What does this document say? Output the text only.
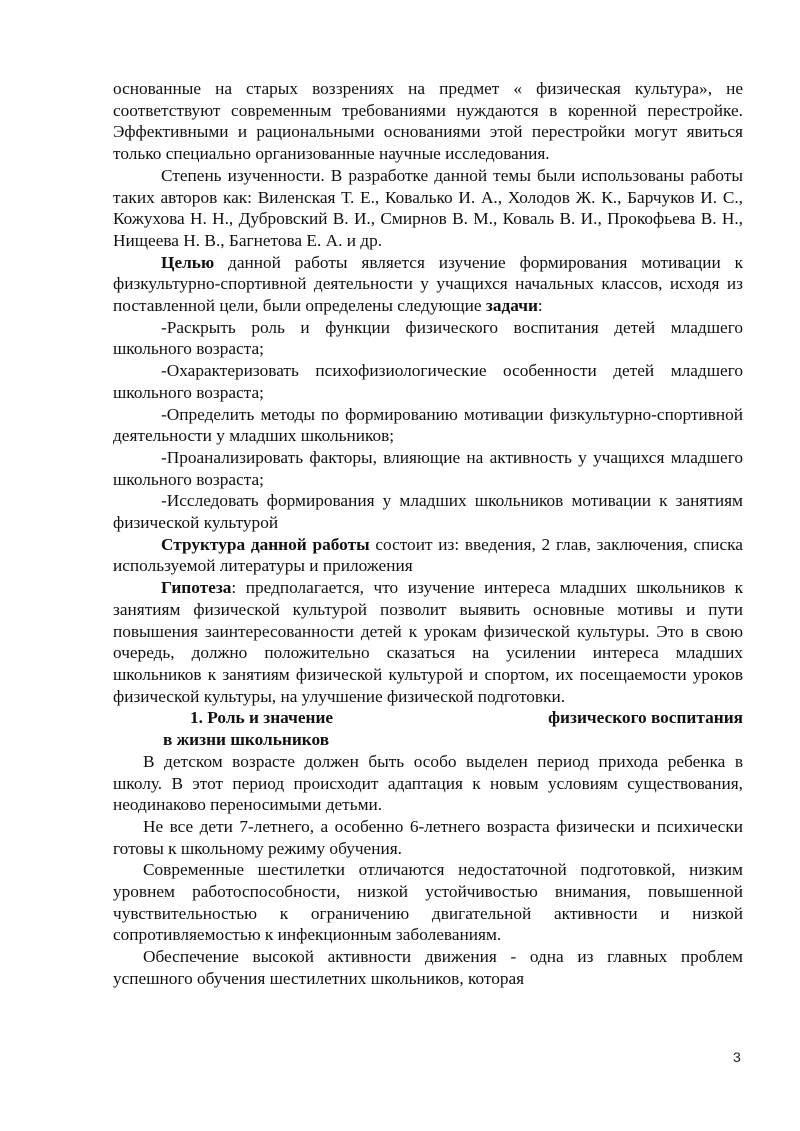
основанные на старых воззрениях на предмет « физическая культура», не соответствуют современным требованиями нуждаются в коренной перестройке. Эффективными и рациональными основаниями этой перестройки могут явиться только специально организованные научные исследования.

Степень изученности. В разработке данной темы были использованы работы таких авторов как: Виленская Т. Е., Ковалько И. А., Холодов Ж. К., Барчуков И. С., Кожухова Н. Н., Дубровский В. И., Смирнов В. М., Коваль В. И., Прокофьева В. Н., Нищеева Н. В., Багнетова Е. А. и др.

Целью данной работы является изучение формирования мотивации к физкультурно-спортивной деятельности у учащихся начальных классов, исходя из поставленной цели, были определены следующие задачи:

-Раскрыть роль и функции физического воспитания детей младшего школьного возраста;

-Охарактеризовать психофизиологические особенности детей младшего школьного возраста;

-Определить методы по формированию мотивации физкультурно-спортивной деятельности у младших школьников;

-Проанализировать факторы, влияющие на активность у учащихся младшего школьного возраста;

-Исследовать формирования у младших школьников мотивации к занятиям физической культурой

Структура данной работы состоит из: введения, 2 глав, заключения, списка используемой литературы и приложения

Гипотеза: предполагается, что изучение интереса младших школьников к занятиям физической культурой позволит выявить основные мотивы и пути повышения заинтересованности детей к урокам физической культуры. Это в свою очередь, должно положительно сказаться на усилении интереса младших школьников к занятиям физической культурой и спортом, их посещаемости уроков физической культуры, на улучшение физической подготовки.

1. Роль и значение	физического воспитания
в жизни школьников

В детском возрасте должен быть особо выделен период прихода ребенка в школу. В этот период происходит адаптация к новым условиям существования, неодинаково переносимыми детьми.

Не все дети 7-летнего, а особенно 6-летнего возраста физически и психически готовы к школьному режиму обучения.

Современные шестилетки отличаются недостаточной подготовкой, низким уровнем работоспособности, низкой устойчивостью внимания, повышенной чувствительностью к ограничению двигательной активности и низкой сопротивляемостью к инфекционным заболеваниям.

Обеспечение высокой активности движения - одна из главных проблем успешного обучения шестилетних школьников, которая

3
